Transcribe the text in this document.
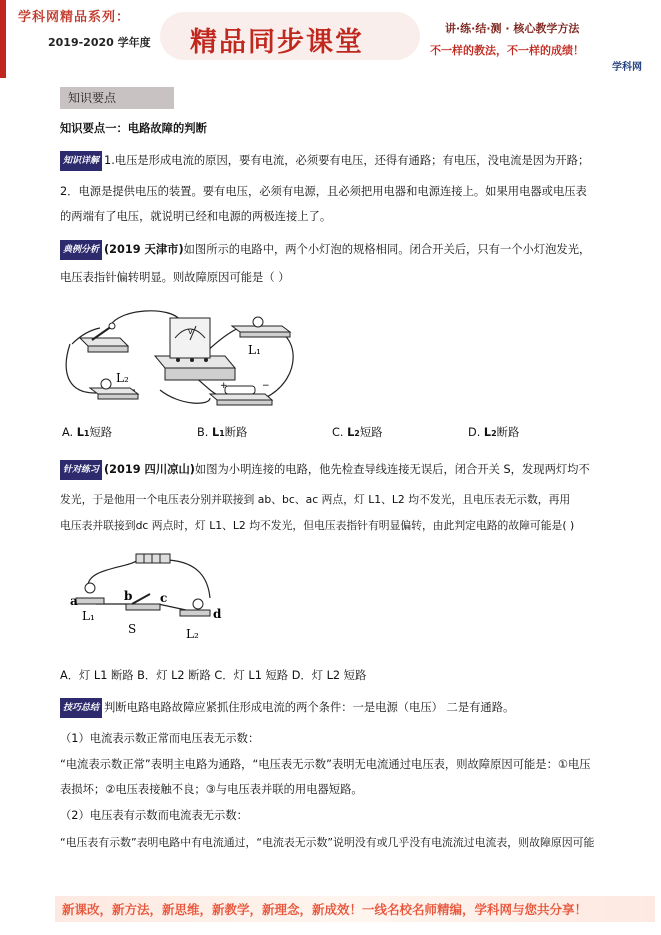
学科网精品系列：
2019-2020 学年度 精品同步课堂	讲·练·结·测 · 核心教学方法
不一样的教法，不一样的成绩！
学科网
知识要点
知识要点一：电路故障的判断
知识详解 1.电压是形成电流的原因，要有电流，必须要有电压，还得有通路；有电压，没电流是因为开路；
2．电源是提供电压的装置。要有电压，必须有电源，且必须把用电器和电源连接上。如果用电器或电压表
的两端有了电压，就说明已经和电源的两极连接上了。
典例分析 (2019 天津市)如图所示的电路中，两个小灯泡的规格相同。闭合开关后，只有一个小灯泡发光，
电压表指针偏转明显。则故障原因可能是（ ）
V
L₁
L₂
+	−
A. L1短路	B. L1断路	C. L2短路	D. L2断路
针对练习 (2019 四川凉山)如图为小明连接的电路，他先检查导线连接无误后，闭合开关 S，发现两灯均不
发光，于是他用一个电压表分别并联接到 ab、bc、ac 两点，灯 L1、L2 均不发光，且电压表无示数，再用
电压表并联接到dc 两点时，灯 L1、L2 均不发光，但电压表指针有明显偏转，由此判定电路的故障可能是( )
a	b c
d
L₁
S	L₂
A．灯 L1 断路 B．灯 L2 断路 C．灯 L1 短路 D．灯 L2 短路
技巧总结 判断电路电路故障应紧抓住形成电流的两个条件：一是电源（电压） 二是有通路。
（1）电流表示数正常而电压表无示数：
“电流表示数正常”表明主电路为通路，“电压表无示数”表明无电流通过电压表，则故障原因可能是：①电压
表损坏；②电压表接触不良；③与电压表并联的用电器短路。
（2）电压表有示数而电流表无示数：
“电压表有示数”表明电路中有电流通过，“电流表无示数”说明没有或几乎没有电流流过电流表，则故障原因可能
新课改，新方法，新思维，新教学，新理念，新成效！一线名校名师精编，学科网与您共分享！
